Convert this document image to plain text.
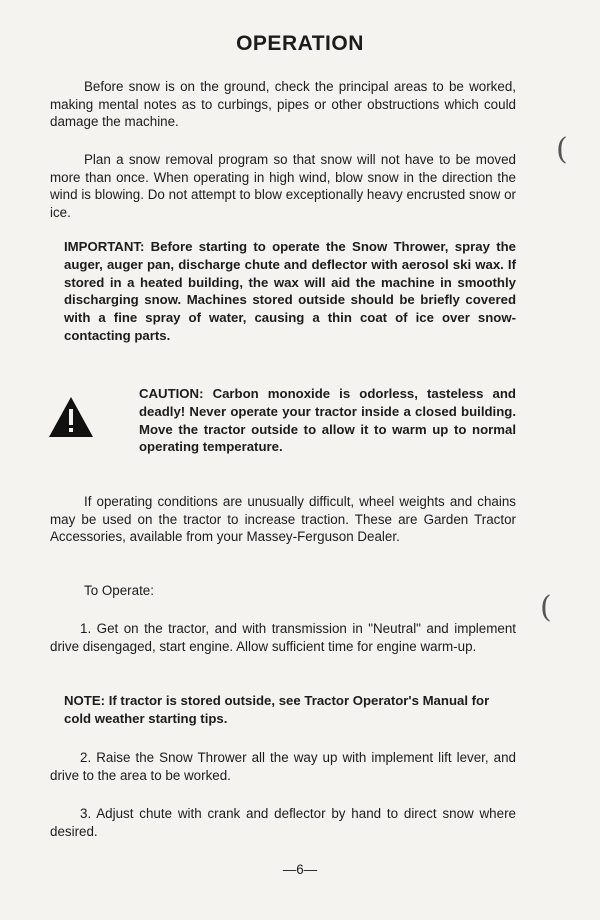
OPERATION

Before snow is on the ground, check the principal areas to be worked, making mental notes as to curbings, pipes or other obstructions which could damage the machine.

Plan a snow removal program so that snow will not have to be moved more than once. When operating in high wind, blow snow in the direction the wind is blowing. Do not attempt to blow exceptionally heavy encrusted snow or ice.

IMPORTANT: Before starting to operate the Snow Thrower, spray the auger, auger pan, discharge chute and deflector with aerosol ski wax. If stored in a heated building, the wax will aid the machine in smoothly discharging snow. Machines stored outside should be briefly covered with a fine spray of water, causing a thin coat of ice over snow-contacting parts.

CAUTION: Carbon monoxide is odorless, tasteless and deadly! Never operate your tractor inside a closed building. Move the tractor outside to allow it to warm up to normal operating temperature.

If operating conditions are unusually difficult, wheel weights and chains may be used on the tractor to increase traction. These are Garden Tractor Accessories, available from your Massey-Ferguson Dealer.

To Operate:

1. Get on the tractor, and with transmission in "Neutral" and implement drive disengaged, start engine. Allow sufficient time for engine warm-up.

NOTE: If tractor is stored outside, see Tractor Operator's Manual for cold weather starting tips.

2. Raise the Snow Thrower all the way up with implement lift lever, and drive to the area to be worked.

3. Adjust chute with crank and deflector by hand to direct snow where desired.

—6—
(
(
